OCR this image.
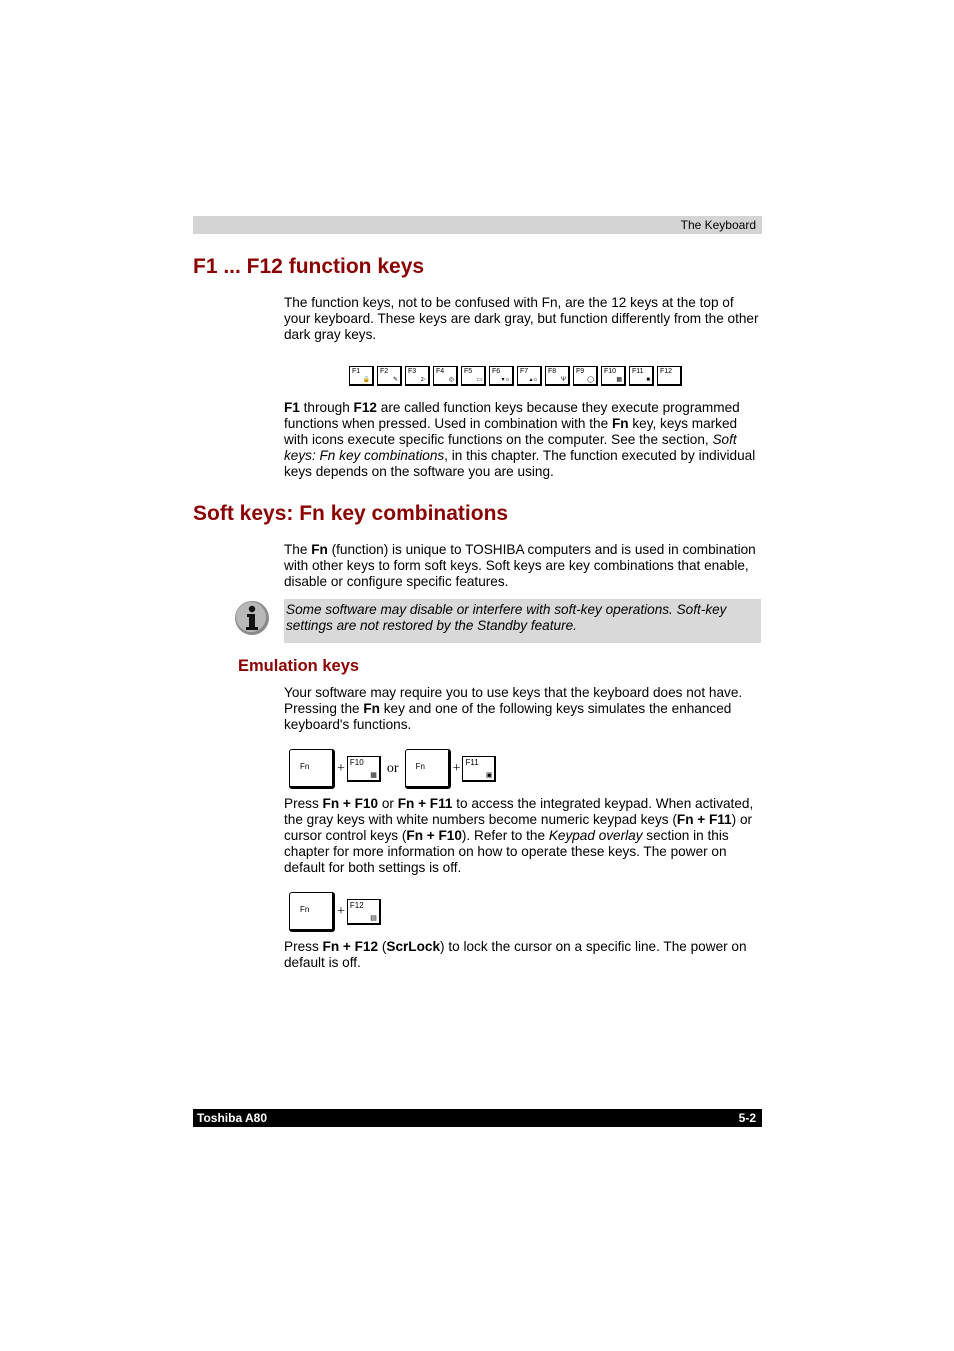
The Keyboard
F1 ... F12 function keys

The function keys, not to be confused with Fn, are the 12 keys at the top of your keyboard. These keys are dark gray, but function differently from the other dark gray keys.

F1
🔒
F2
✎
F3
z◦
F4
◎
F5
▭
F6
▾☼
F7
▴☼
F8
Ψ
F9
◯
F10
▦
F11
■
F12

F1 through F12 are called function keys because they execute programmed functions when pressed. Used in combination with the Fn key, keys marked with icons execute specific functions on the computer. See the section, Soft keys: Fn key combinations, in this chapter. The function executed by individual keys depends on the software you are using.

Soft keys: Fn key combinations

The Fn (function) is unique to TOSHIBA computers and is used in combination with other keys to form soft keys. Soft keys are key combinations that enable, disable or configure specific features.

Some software may disable or interfere with soft-key operations. Soft-key settings are not restored by the Standby feature.

Emulation keys

Your software may require you to use keys that the keyboard does not have. Pressing the Fn key and one of the following keys simulates the enhanced keyboard's functions.

Fn + F10
▦ or Fn + F11
▣

Press Fn + F10 or Fn + F11 to access the integrated keypad. When activated, the gray keys with white numbers become numeric keypad keys (Fn + F11) or cursor control keys (Fn + F10). Refer to the Keypad overlay section in this chapter for more information on how to operate these keys. The power on default for both settings is off.

Fn + F12
▤

Press Fn + F12 (ScrLock) to lock the cursor on a specific line. The power on default is off.

Toshiba A80	5-2
